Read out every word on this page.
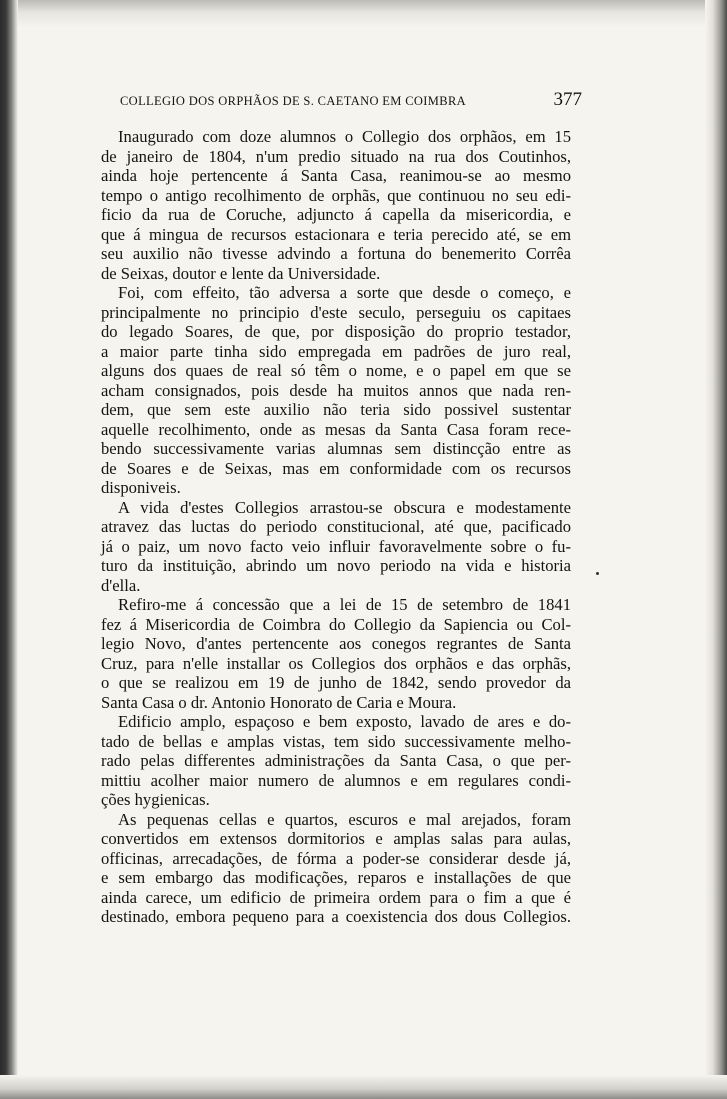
COLLEGIO DOS ORPHÃOS DE S. CAETANO EM COIMBRA	377
Inaugurado com doze alumnos o Collegio dos orphãos, em 15
de janeiro de 1804, n'um predio situado na rua dos Coutinhos,
ainda hoje pertencente á Santa Casa, reanimou-se ao mesmo
tempo o antigo recolhimento de orphãs, que continuou no seu edi-
ficio da rua de Coruche, adjuncto á capella da misericordia, e
que á mingua de recursos estacionara e teria perecido até, se em
seu auxilio não tivesse advindo a fortuna do benemerito Corrêa
de Seixas, doutor e lente da Universidade.
Foi, com effeito, tão adversa a sorte que desde o começo, e
principalmente no principio d'este seculo, perseguiu os capitaes
do legado Soares, de que, por disposição do proprio testador,
a maior parte tinha sido empregada em padrões de juro real,
alguns dos quaes de real só têm o nome, e o papel em que se
acham consignados, pois desde ha muitos annos que nada ren-
dem, que sem este auxilio não teria sido possivel sustentar
aquelle recolhimento, onde as mesas da Santa Casa foram rece-
bendo successivamente varias alumnas sem distincção entre as
de Soares e de Seixas, mas em conformidade com os recursos
disponiveis.
A vida d'estes Collegios arrastou-se obscura e modestamente
atravez das luctas do periodo constitucional, até que, pacificado
já o paiz, um novo facto veio influir favoravelmente sobre o fu-
turo da instituição, abrindo um novo periodo na vida e historia
d'ella.
Refiro-me á concessão que a lei de 15 de setembro de 1841
fez á Misericordia de Coimbra do Collegio da Sapiencia ou Col-
legio Novo, d'antes pertencente aos conegos regrantes de Santa
Cruz, para n'elle installar os Collegios dos orphãos e das orphãs,
o que se realizou em 19 de junho de 1842, sendo provedor da
Santa Casa o dr. Antonio Honorato de Caria e Moura.
Edificio amplo, espaçoso e bem exposto, lavado de ares e do-
tado de bellas e amplas vistas, tem sido successivamente melho-
rado pelas differentes administrações da Santa Casa, o que per-
mittiu acolher maior numero de alumnos e em regulares condi-
ções hygienicas.
As pequenas cellas e quartos, escuros e mal arejados, foram
convertidos em extensos dormitorios e amplas salas para aulas,
officinas, arrecadações, de fórma a poder-se considerar desde já,
e sem embargo das modificações, reparos e installações de que
ainda carece, um edificio de primeira ordem para o fim a que é
destinado, embora pequeno para a coexistencia dos dous Collegios.
